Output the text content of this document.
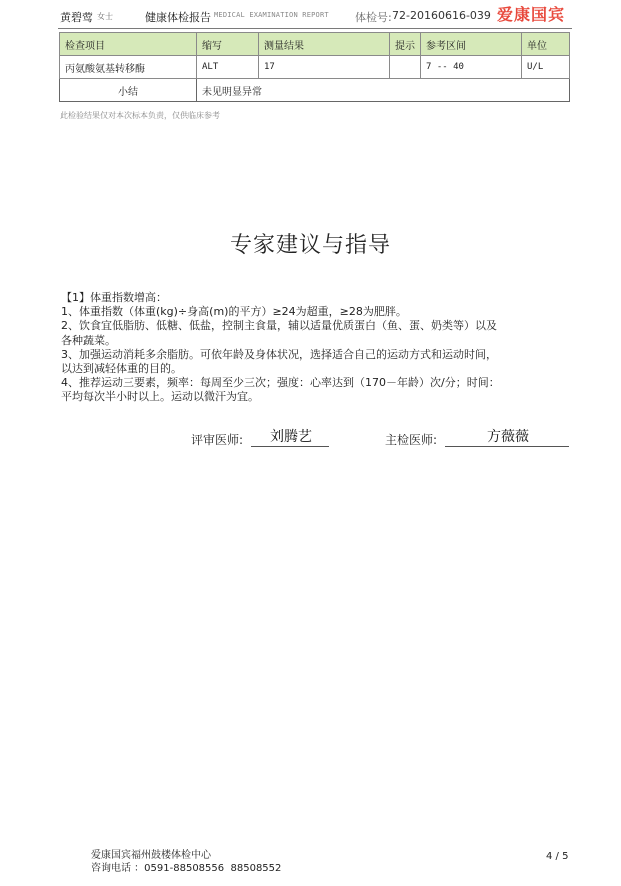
黄碧莺 女士	健康体检报告 MEDICAL EXAMINATION REPORT 体检号: 72-20160616-039 爱康国宾
检查项目	缩写	测量结果	提示	参考区间	单位
丙氨酸氨基转移酶	ALT	17		7 -- 40	U/L
小结	未见明显异常				
此检验结果仅对本次标本负责，仅供临床参考
专家建议与指导
【1】体重指数增高：
1、体重指数（体重(kg)÷身高(m)的平方）≥24为超重，≥28为肥胖。
2、饮食宜低脂肪、低糖、低盐，控制主食量，辅以适量优质蛋白（鱼、蛋、奶类等）以及
各种蔬菜。
3、加强运动消耗多余脂肪。可依年龄及身体状况，选择适合自己的运动方式和运动时间，
以达到减轻体重的目的。
4、推荐运动三要素，频率：每周至少三次；强度：心率达到（170－年龄）次/分；时间：
平均每次半小时以上。运动以微汗为宜。
评审医师:	刘腾艺	主检医师:	方薇薇
爱康国宾福州鼓楼体检中心
咨询电话 ：0591-88508556  88508552
4 / 5
